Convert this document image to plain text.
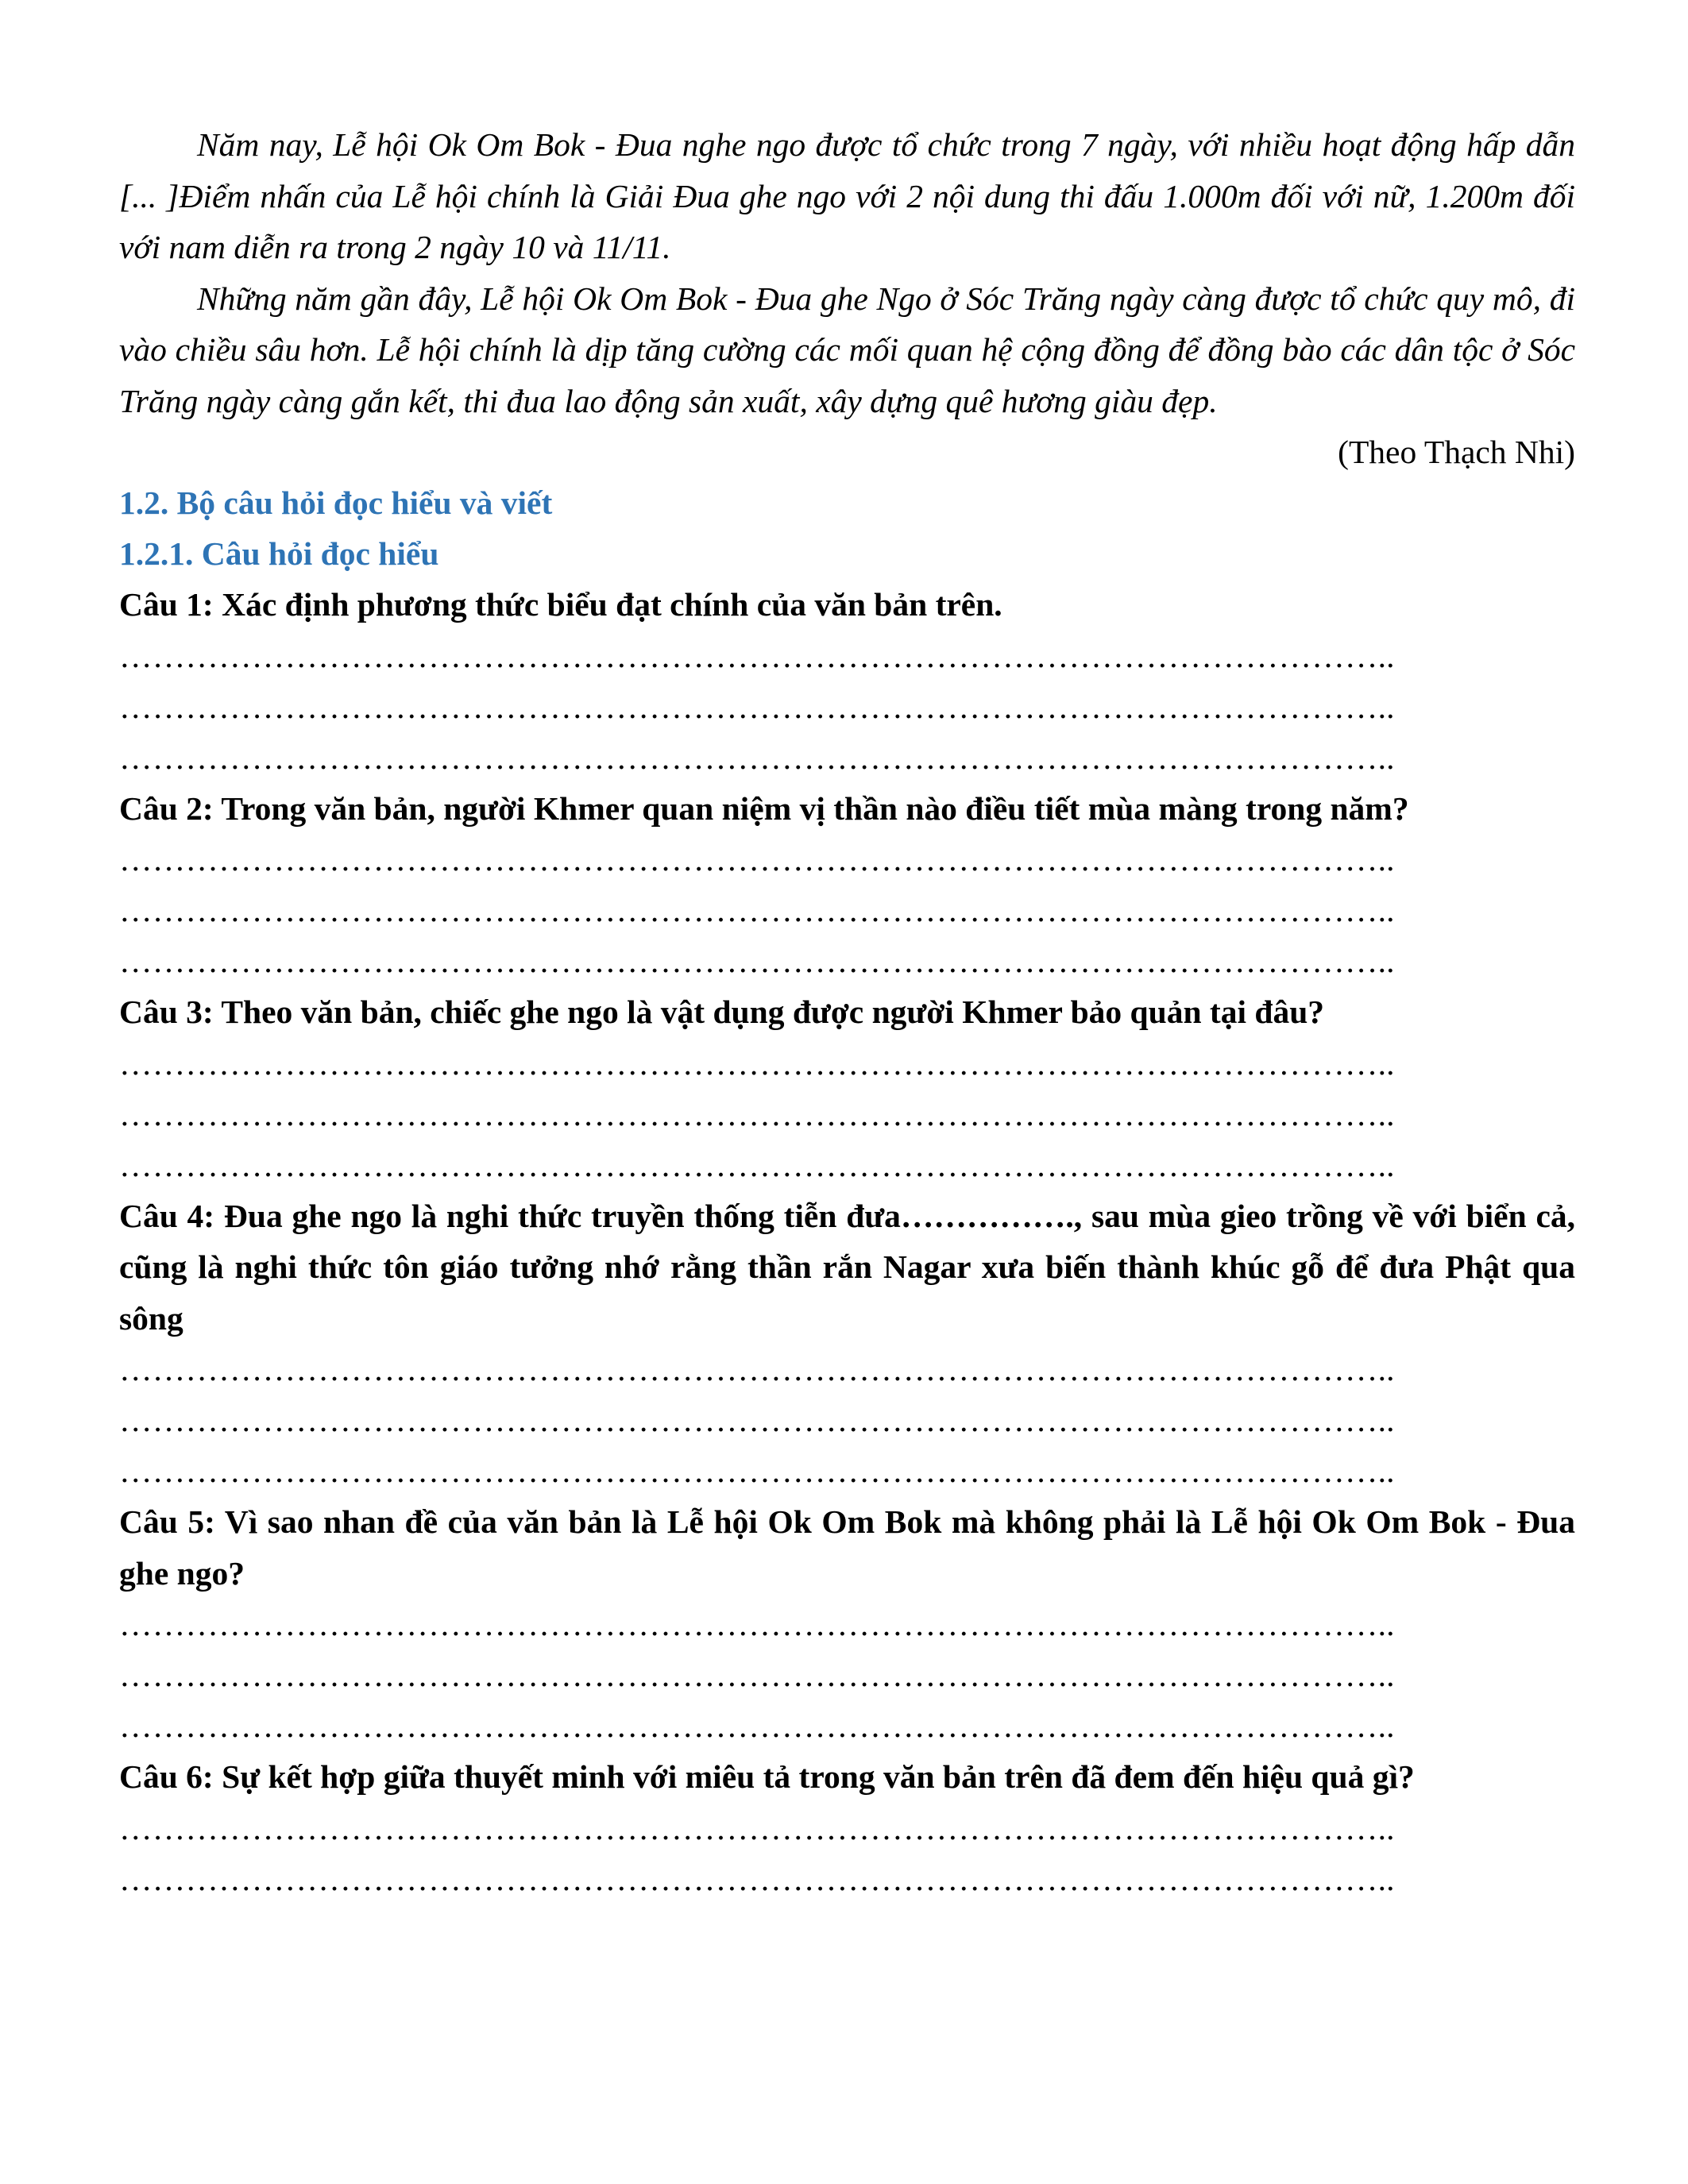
Năm nay, Lễ hội Ok Om Bok - Đua nghe ngo được tổ chức trong 7 ngày, với nhiều hoạt động hấp dẫn [... ]Điểm nhấn của Lễ hội chính là Giải Đua ghe ngo với 2 nội dung thi đấu 1.000m đối với nữ, 1.200m đối với nam diễn ra trong 2 ngày 10 và 11/11.

Những năm gần đây, Lễ hội Ok Om Bok - Đua ghe Ngo ở Sóc Trăng ngày càng được tổ chức quy mô, đi vào chiều sâu hơn. Lễ hội chính là dịp tăng cường các mối quan hệ cộng đồng để đồng bào các dân tộc ở Sóc Trăng ngày càng gắn kết, thi đua lao động sản xuất, xây dựng quê hương giàu đẹp.

(Theo Thạch Nhi)

1.2. Bộ câu hỏi đọc hiểu và viết

1.2.1. Câu hỏi đọc hiểu

Câu 1: Xác định phương thức biểu đạt chính của văn bản trên.

……………………………………………………………………………………………………..

……………………………………………………………………………………………………..

……………………………………………………………………………………………………..

Câu 2: Trong văn bản, người Khmer quan niệm vị thần nào điều tiết mùa màng trong năm?

……………………………………………………………………………………………………..

……………………………………………………………………………………………………..

……………………………………………………………………………………………………..

Câu 3: Theo văn bản, chiếc ghe ngo là vật dụng được người Khmer bảo quản tại đâu?

……………………………………………………………………………………………………..

……………………………………………………………………………………………………..

……………………………………………………………………………………………………..

Câu 4: Đua ghe ngo là nghi thức truyền thống tiễn đưa……………., sau mùa gieo trồng về với biển cả, cũng là nghi thức tôn giáo tưởng nhớ rằng thần rắn Nagar xưa biến thành khúc gỗ để đưa Phật qua sông

……………………………………………………………………………………………………..

……………………………………………………………………………………………………..

……………………………………………………………………………………………………..

Câu 5: Vì sao nhan đề của văn bản là Lễ hội Ok Om Bok mà không phải là Lễ hội Ok Om Bok - Đua ghe ngo?

……………………………………………………………………………………………………..

……………………………………………………………………………………………………..

……………………………………………………………………………………………………..

Câu 6: Sự kết hợp giữa thuyết minh với miêu tả trong văn bản trên đã đem đến hiệu quả gì?

……………………………………………………………………………………………………..

……………………………………………………………………………………………………..
